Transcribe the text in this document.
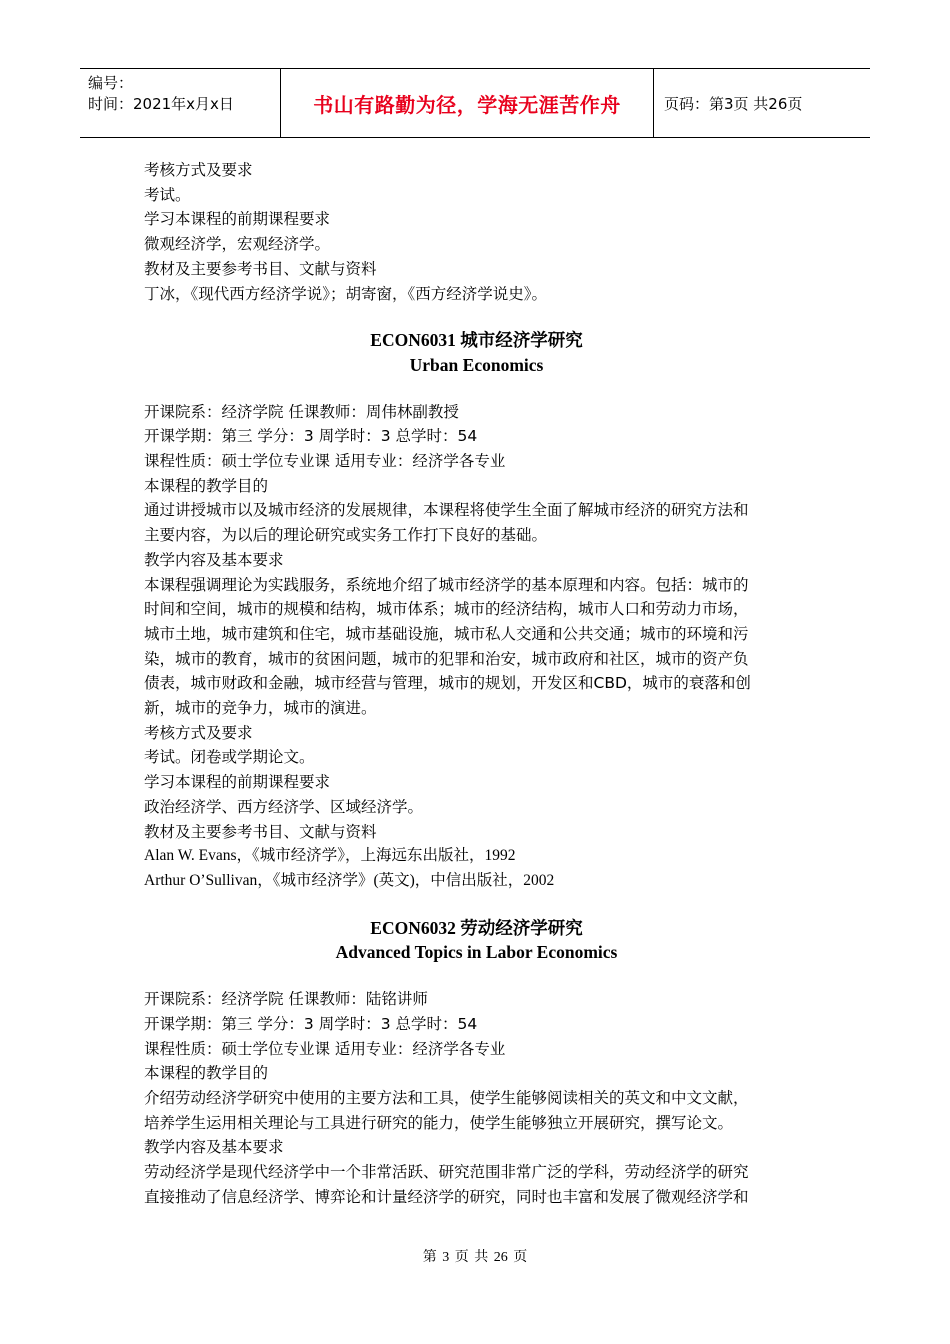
编号：
时间：2021年x月x日	书山有路勤为径，学海无涯苦作舟	页码：第3页 共26页
考核方式及要求
考试。
学习本课程的前期课程要求
微观经济学，宏观经济学。
教材及主要参考书目、文献与资料
丁冰，《现代西方经济学说》；胡寄窗，《西方经济学说史》。
ECON6031 城市经济学研究
Urban Economics
开课院系：经济学院 任课教师：周伟林副教授
开课学期：第三 学分：3 周学时：3 总学时：54
课程性质：硕士学位专业课 适用专业：经济学各专业
本课程的教学目的
通过讲授城市以及城市经济的发展规律，本课程将使学生全面了解城市经济的研究方法和
主要内容，为以后的理论研究或实务工作打下良好的基础。
教学内容及基本要求
本课程强调理论为实践服务，系统地介绍了城市经济学的基本原理和内容。包括：城市的
时间和空间，城市的规模和结构，城市体系；城市的经济结构，城市人口和劳动力市场，
城市土地，城市建筑和住宅，城市基础设施，城市私人交通和公共交通；城市的环境和污
染，城市的教育，城市的贫困问题，城市的犯罪和治安，城市政府和社区，城市的资产负
债表，城市财政和金融，城市经营与管理，城市的规划，开发区和CBD，城市的衰落和创
新，城市的竞争力，城市的演进。
考核方式及要求
考试。闭卷或学期论文。
学习本课程的前期课程要求
政治经济学、西方经济学、区域经济学。
教材及主要参考书目、文献与资料
Alan W. Evans，《城市经济学》，上海远东出版社，1992
Arthur O’Sullivan，《城市经济学》(英文)，中信出版社，2002
ECON6032 劳动经济学研究
Advanced Topics in Labor Economics
开课院系：经济学院 任课教师：陆铭讲师
开课学期：第三 学分：3 周学时：3 总学时：54
课程性质：硕士学位专业课 适用专业：经济学各专业
本课程的教学目的
介绍劳动经济学研究中使用的主要方法和工具，使学生能够阅读相关的英文和中文文献，
培养学生运用相关理论与工具进行研究的能力，使学生能够独立开展研究，撰写论文。
教学内容及基本要求
劳动经济学是现代经济学中一个非常活跃、研究范围非常广泛的学科，劳动经济学的研究
直接推动了信息经济学、博弈论和计量经济学的研究，同时也丰富和发展了微观经济学和
第 3 页 共 26 页
